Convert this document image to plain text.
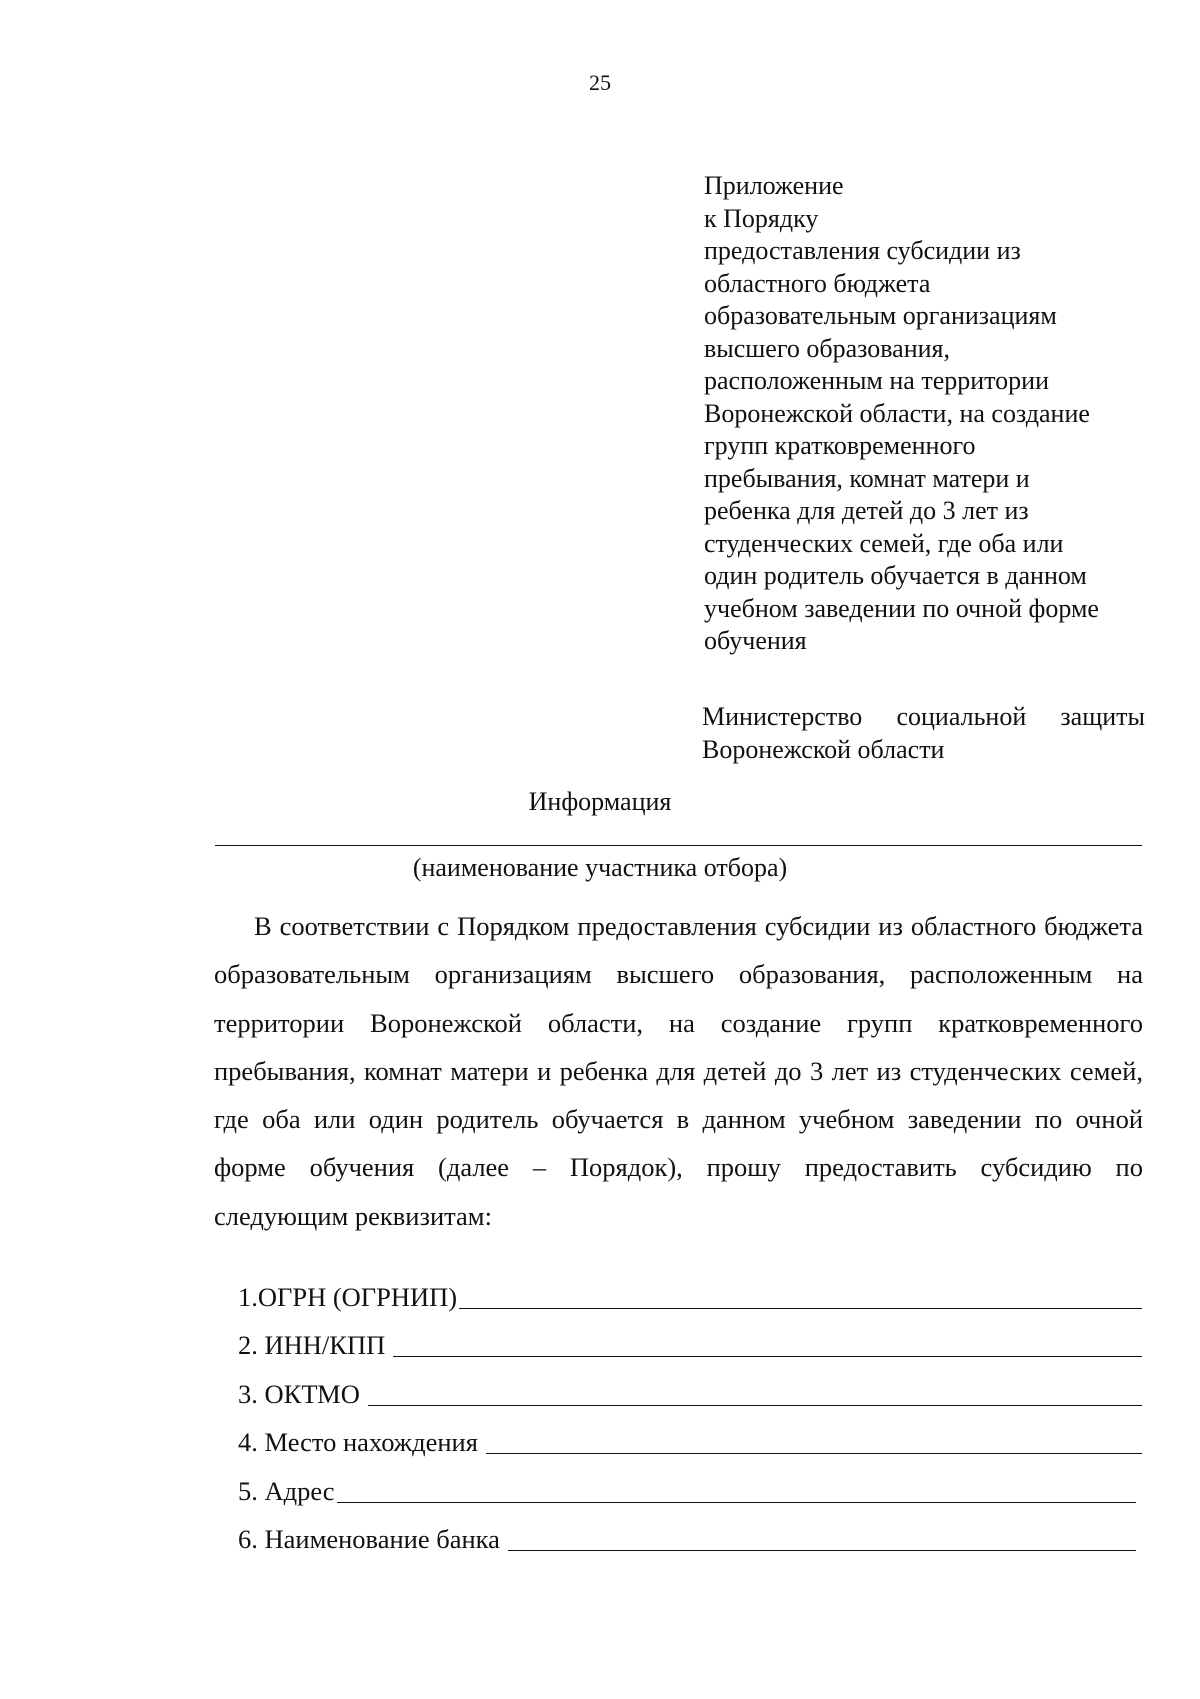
25
Приложение
к Порядку
предоставления субсидии из
областного бюджета
образовательным организациям
высшего образования,
расположенным на территории
Воронежской области, на создание
групп кратковременного
пребывания, комнат матери и
ребенка для детей до 3 лет из
студенческих семей, где оба или
один родитель обучается в данном
учебном заведении по очной форме
обучения
Министерство социальной защиты
Воронежской области
Информация
(наименование участника отбора)

В соответствии с Порядком предоставления субсидии из областного бюджета образовательным организациям высшего образования, расположенным на территории Воронежской области, на создание групп кратковременного пребывания, комнат матери и ребенка для детей до 3 лет из студенческих семей, где оба или один родитель обучается в данном учебном заведении по очной форме обучения (далее – Порядок), прошу предоставить субсидию по следующим реквизитам:

1.ОГРН (ОГРНИП)
2. ИНН/КПП
3. ОКТМО
4. Место нахождения
5. Адрес
6. Наименование банка
